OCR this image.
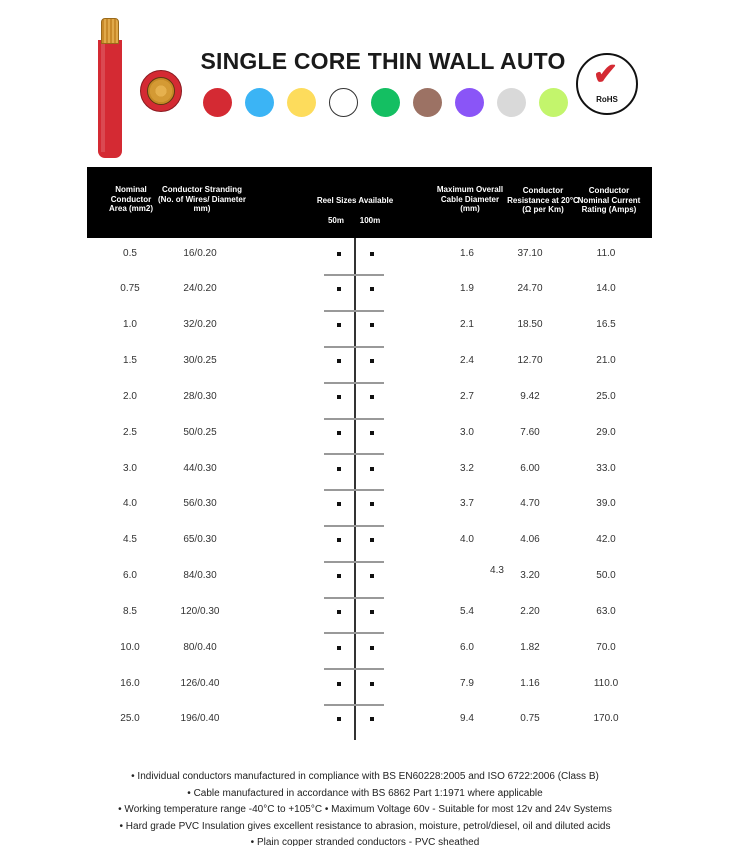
SINGLE CORE THIN WALL AUTO ✔
RoHS
Nominal Conductor Area (mm2)
Conductor Stranding (No. of Wires/ Diameter mm)
Reel Sizes Available
50m	100m
Maximum Overall Cable Diameter (mm)
Conductor Resistance at 20°C (Ω per Km)
Conductor Nominal Current Rating (Amps)
0.5	16/0.20	1.6	37.10	11.0
0.75	24/0.20	1.9	24.70	14.0
1.0	32/0.20	2.1	18.50	16.5
1.5	30/0.25	2.4	12.70	21.0
2.0	28/0.30	2.7	9.42	25.0
2.5	50/0.25	3.0	7.60	29.0
3.0	44/0.30	3.2	6.00	33.0
4.0	56/0.30	3.7	4.70	39.0
4.5	65/0.30	4.0	4.06	42.0
6.0	84/0.30	4.3	3.20	50.0
8.5	120/0.30	5.4	2.20	63.0
10.0	80/0.40	6.0	1.82	70.0
16.0	126/0.40	7.9	1.16	110.0
25.0	196/0.40	9.4	0.75	170.0
• Individual conductors manufactured in compliance with BS EN60228:2005 and ISO 6722:2006 (Class B)
• Cable manufactured in accordance with BS 6862 Part 1:1971 where applicable
• Working temperature range -40°C to +105°C • Maximum Voltage 60v - Suitable for most 12v and 24v Systems
• Hard grade PVC Insulation gives excellent resistance to abrasion, moisture, petrol/diesel, oil and diluted acids
• Plain copper stranded conductors - PVC sheathed
